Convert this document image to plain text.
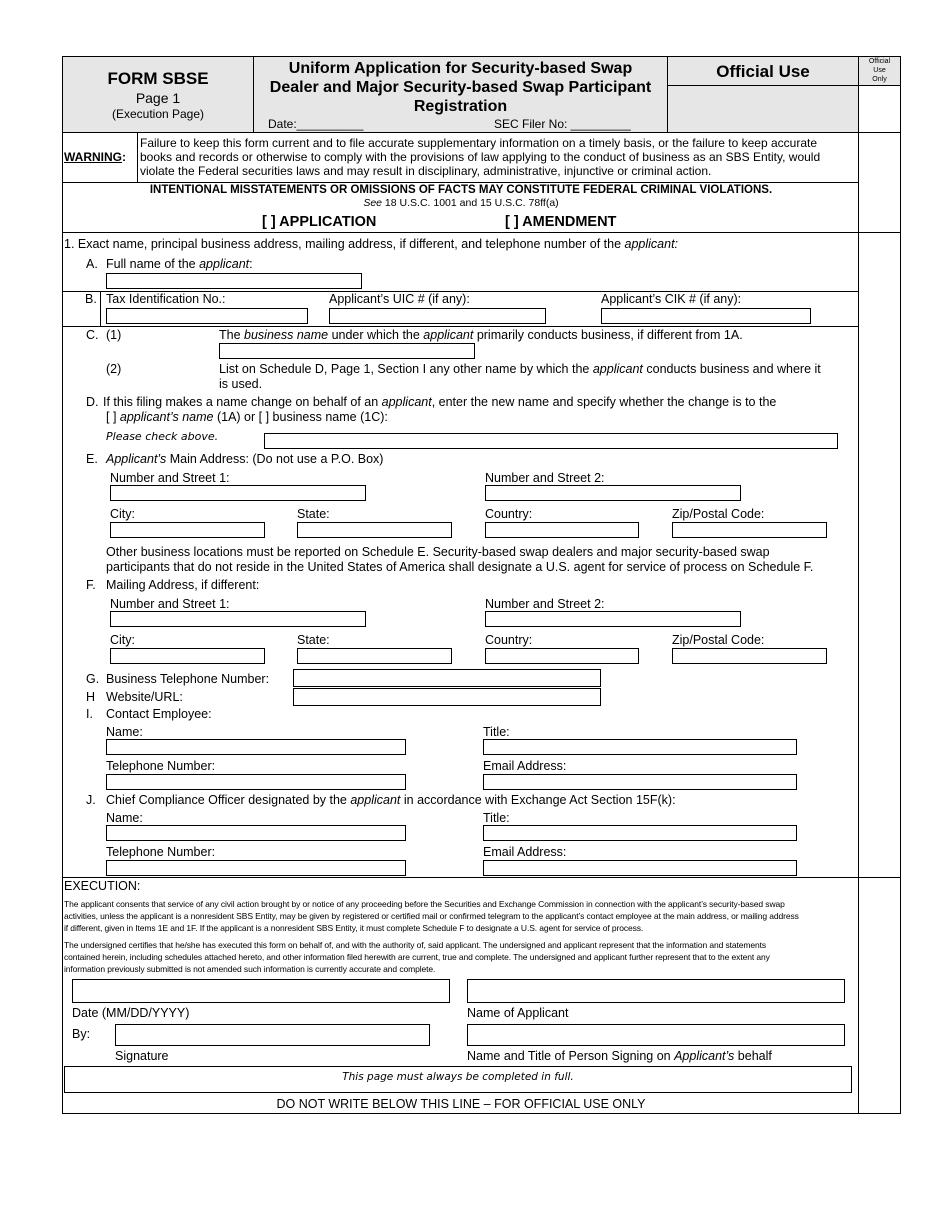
FORM SBSE
Page 1
(Execution Page)
Uniform Application for Security-based Swap
Dealer and Major Security-based Swap Participant
Registration
Date:__________	SEC Filer No: _________
Official Use
Official
Use
Only
WARNING:
Failure to keep this form current and to file accurate supplementary information on a timely basis, or the failure to keep accurate
books and records or otherwise to comply with the provisions of law applying to the conduct of business as an SBS Entity, would
violate the Federal securities laws and may result in disciplinary, administrative, injunctive or criminal action.
INTENTIONAL MISSTATEMENTS OR OMISSIONS OF FACTS MAY CONSTITUTE FEDERAL CRIMINAL VIOLATIONS.
See 18 U.S.C. 1001 and 15 U.S.C. 78ff(a)
[ ] APPLICATION	[ ] AMENDMENT
1. Exact name, principal business address, mailing address, if different, and telephone number of the applicant:
A. Full name of the applicant:
B. Tax Identification No.:	Applicant’s UIC # (if any):	Applicant’s CIK # (if any):
C. (1)	The business name under which the applicant primarily conducts business, if different from 1A.
(2)	List on Schedule D, Page 1, Section I any other name by which the applicant conducts business and where it
is used.
D. If this filing makes a name change on behalf of an applicant, enter the new name and specify whether the change is to the
[ ] applicant’s name (1A) or [ ] business name (1C):
Please check above.
E. Applicant’s Main Address: (Do not use a P.O. Box)
Number and Street 1:	Number and Street 2:
City:	State:	Country:	Zip/Postal Code:
Other business locations must be reported on Schedule E. Security-based swap dealers and major security-based swap
participants that do not reside in the United States of America shall designate a U.S. agent for service of process on Schedule F.
F. Mailing Address, if different:
Number and Street 1:	Number and Street 2:
City:	State:	Country:	Zip/Postal Code:
G. Business Telephone Number:
H Website/URL:
I. Contact Employee:
Name:	Title:
Telephone Number:	Email Address:
J. Chief Compliance Officer designated by the applicant in accordance with Exchange Act Section 15F(k):
Name:	Title:
Telephone Number:	Email Address:
EXECUTION:
The applicant consents that service of any civil action brought by or notice of any proceeding before the Securities and Exchange Commission in connection with the applicant’s security-based swap
activities, unless the applicant is a nonresident SBS Entity, may be given by registered or certified mail or confirmed telegram to the applicant’s contact employee at the main address, or mailing address
if different, given in Items 1E and 1F. If the applicant is a nonresident SBS Entity, it must complete Schedule F to designate a U.S. agent for service of process.
The undersigned certifies that he/she has executed this form on behalf of, and with the authority of, said applicant. The undersigned and applicant represent that the information and statements
contained herein, including schedules attached hereto, and other information filed herewith are current, true and complete. The undersigned and applicant further represent that to the extent any
information previously submitted is not amended such information is currently accurate and complete.
Date (MM/DD/YYYY)	Name of Applicant
By:
Signature	Name and Title of Person Signing on Applicant’s behalf
This page must always be completed in full.
DO NOT WRITE BELOW THIS LINE – FOR OFFICIAL USE ONLY
